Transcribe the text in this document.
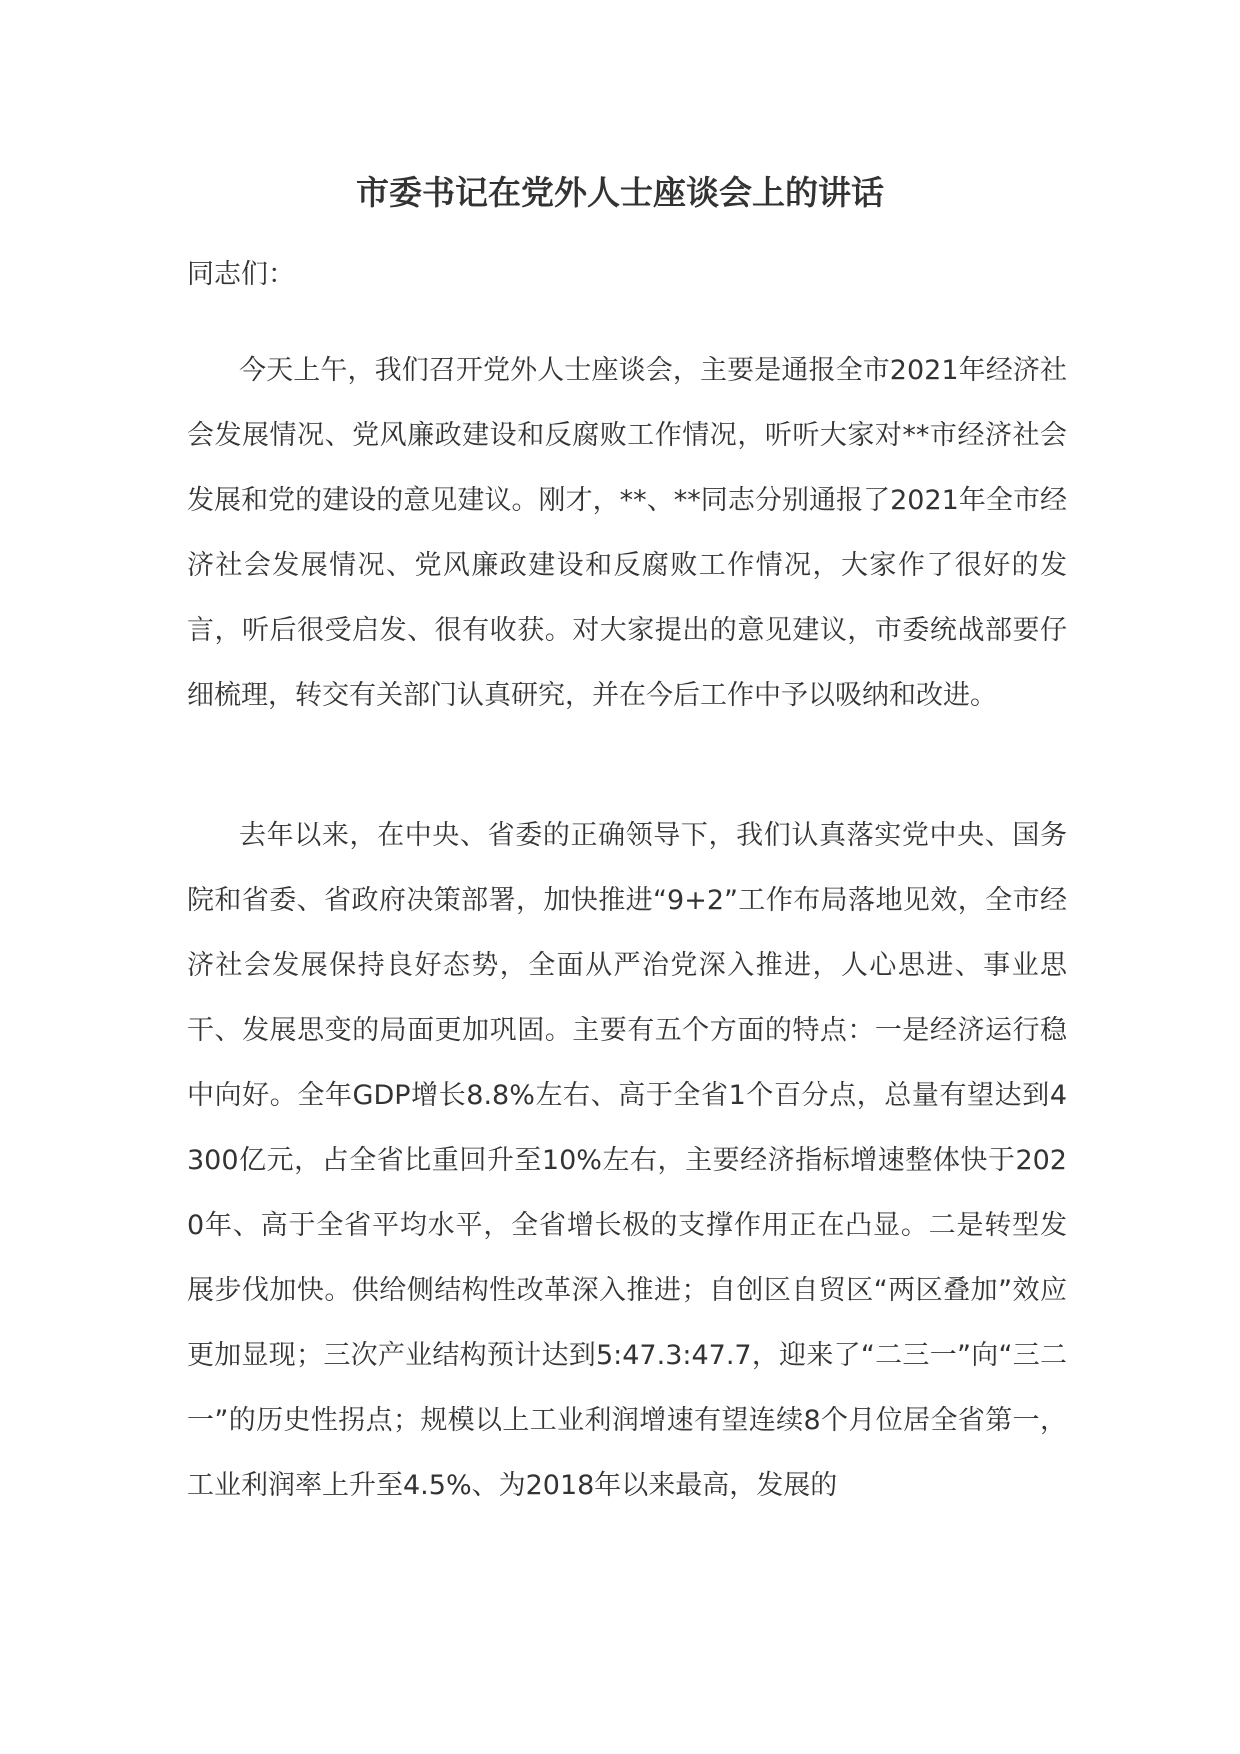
市委书记在党外人士座谈会上的讲话

同志们：

今天上午，我们召开党外人士座谈会，主要是通报全市2021年经济社会发展情况、党风廉政建设和反腐败工作情况，听听大家对**市经济社会发展和党的建设的意见建议。刚才，**、**同志分别通报了2021年全市经济社会发展情况、党风廉政建设和反腐败工作情况，大家作了很好的发言，听后很受启发、很有收获。对大家提出的意见建议，市委统战部要仔细梳理，转交有关部门认真研究，并在今后工作中予以吸纳和改进。

去年以来，在中央、省委的正确领导下，我们认真落实党中央、国务院和省委、省政府决策部署，加快推进“9+2”工作布局落地见效，全市经济社会发展保持良好态势，全面从严治党深入推进，人心思进、事业思干、发展思变的局面更加巩固。主要有五个方面的特点：一是经济运行稳中向好。全年GDP增长8.8%左右、高于全省1个百分点，总量有望达到4300亿元，占全省比重回升至10%左右，主要经济指标增速整体快于2020年、高于全省平均水平，全省增长极的支撑作用正在凸显。二是转型发展步伐加快。供给侧结构性改革深入推进；自创区自贸区“两区叠加”效应更加显现；三次产业结构预计达到5:47.3:47.7，迎来了“二三一”向“三二一”的历史性拐点；规模以上工业利润增速有望连续8个月位居全省第一，工业利润率上升至4.5%、为2018年以来最高，发展的
